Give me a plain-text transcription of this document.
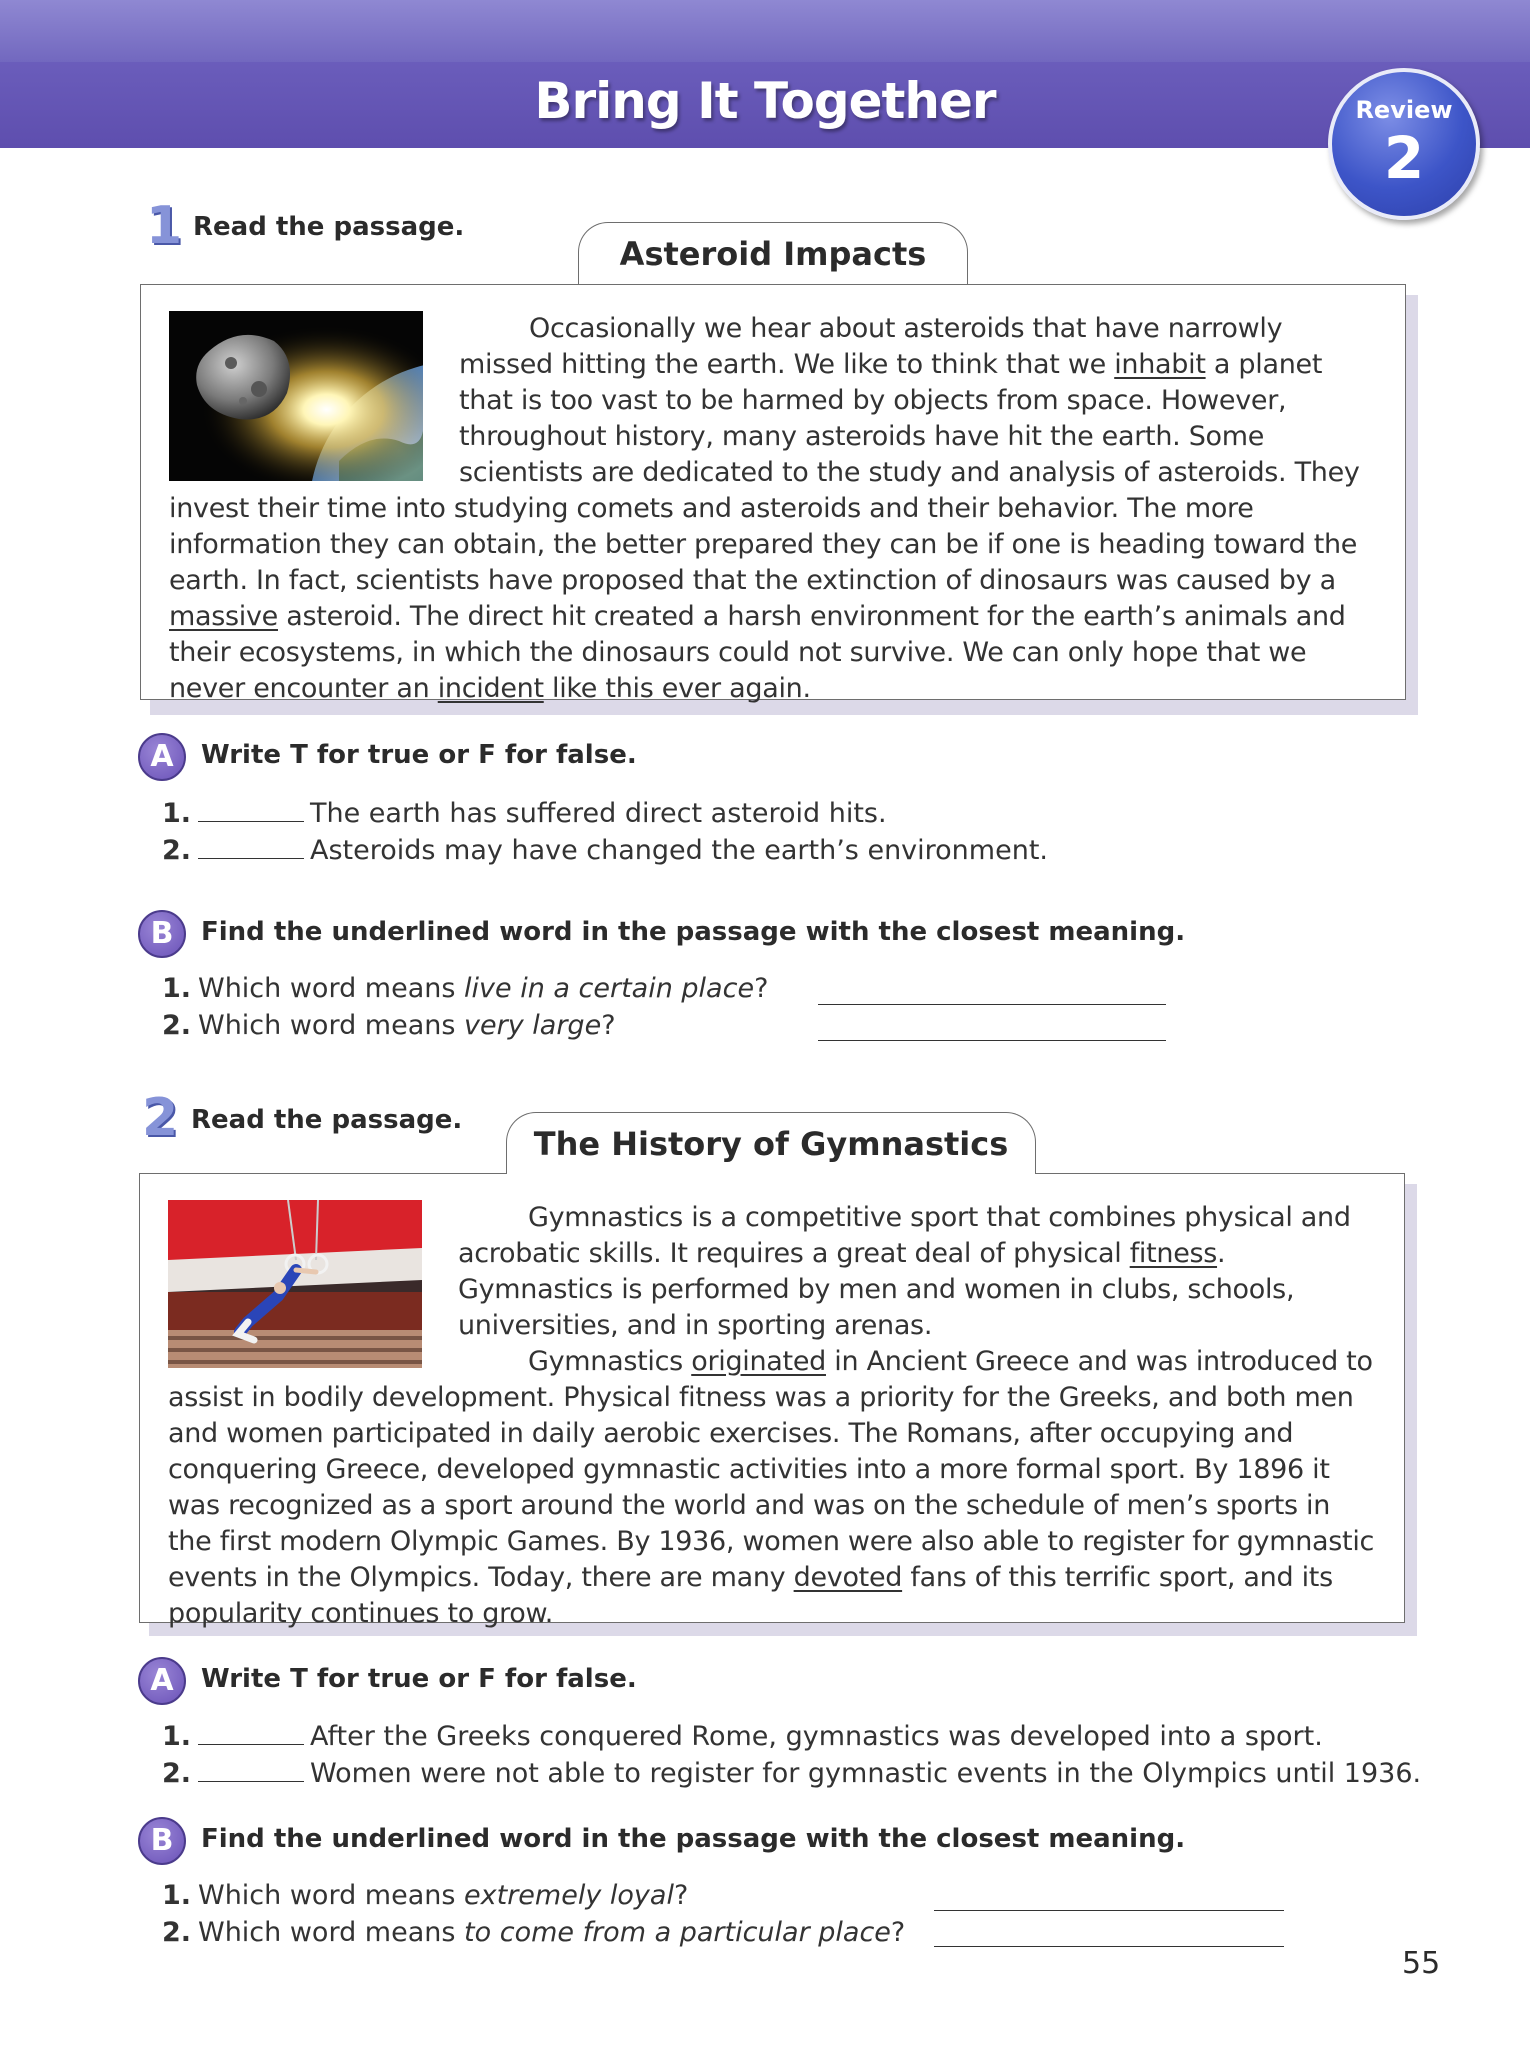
Bring It Together	Review
2
1 Read the passage.
Asteroid Impacts

Occasionally we hear about asteroids that have narrowly missed hitting the earth. We like to think that we inhabit a planet that is too vast to be harmed by objects from space. However, throughout history, many asteroids have hit the earth. Some scientists are dedicated to the study and analysis of asteroids. They invest their time into studying comets and asteroids and their behavior. The more information they can obtain, the better prepared they can be if one is heading toward the earth. In fact, scientists have proposed that the extinction of dinosaurs was caused by a massive asteroid. The direct hit created a harsh environment for the earth’s animals and their ecosystems, in which the dinosaurs could not survive. We can only hope that we never encounter an incident like this ever again.

A	Write T for true or F for false.
1.	The earth has suffered direct asteroid hits.
2.	Asteroids may have changed the earth’s environment.
B	Find the underlined word in the passage with the closest meaning.
1. Which word means live in a certain place?
2. Which word means very large?
2 Read the passage.
The History of Gymnastics

Gymnastics is a competitive sport that combines physical and acrobatic skills. It requires a great deal of physical fitness. Gymnastics is performed by men and women in clubs, schools, universities, and in sporting arenas.

Gymnastics originated in Ancient Greece and was introduced to assist in bodily development. Physical fitness was a priority for the Greeks, and both men and women participated in daily aerobic exercises. The Romans, after occupying and conquering Greece, developed gymnastic activities into a more formal sport. By 1896 it was recognized as a sport around the world and was on the schedule of men’s sports in the first modern Olympic Games. By 1936, women were also able to register for gymnastic events in the Olympics. Today, there are many devoted fans of this terrific sport, and its popularity continues to grow.

A	Write T for true or F for false.
1.	After the Greeks conquered Rome, gymnastics was developed into a sport.
2.	Women were not able to register for gymnastic events in the Olympics until 1936.
B	Find the underlined word in the passage with the closest meaning.
1. Which word means extremely loyal?
2. Which word means to come from a particular place?
55
